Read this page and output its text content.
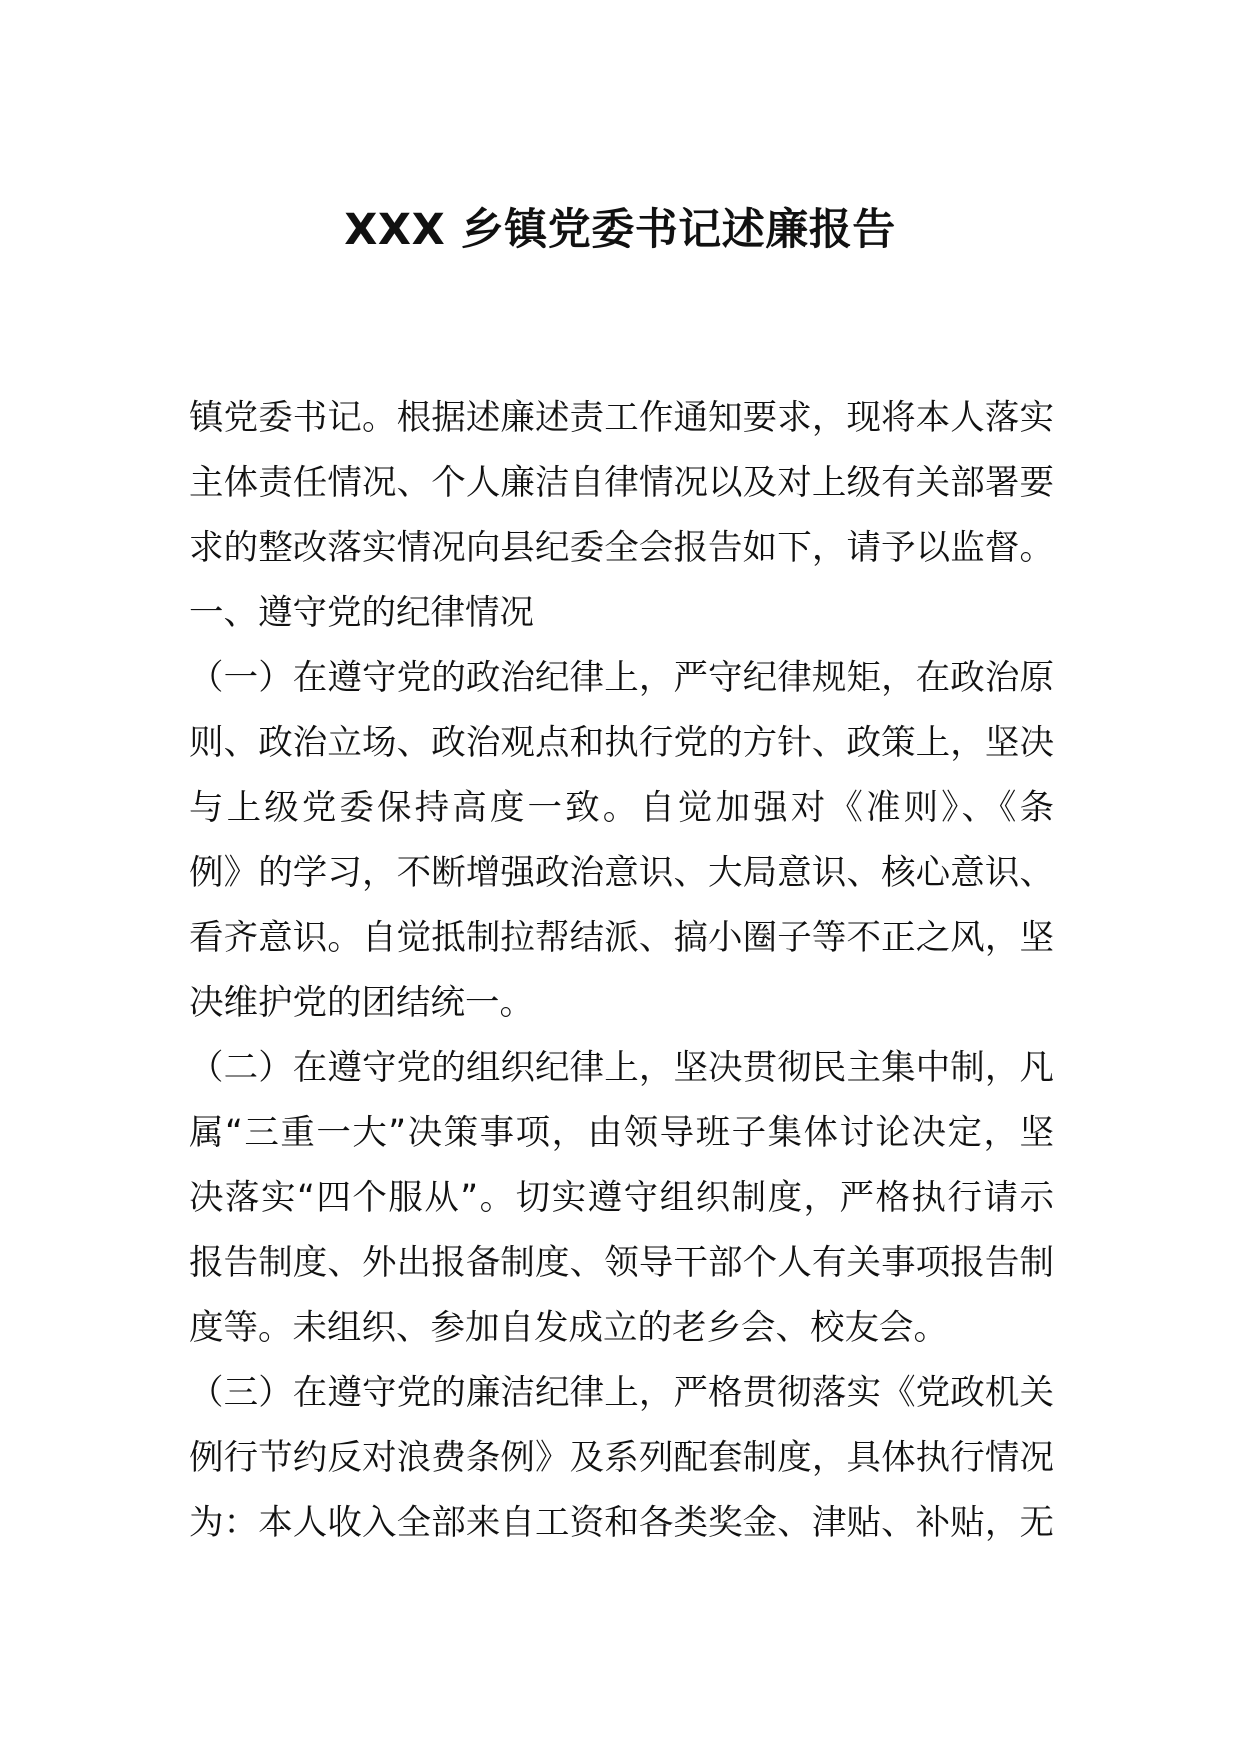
XXX 乡镇党委书记述廉报告
镇党委书记。根据述廉述责工作通知要求，现将本人落实
主体责任情况、个人廉洁自律情况以及对上级有关部署要
求的整改落实情况向县纪委全会报告如下，请予以监督。
一、遵守党的纪律情况
（一）在遵守党的政治纪律上，严守纪律规矩，在政治原
则、政治立场、政治观点和执行党的方针、政策上，坚决
与上级党委保持高度一致。自觉加强对《准则》、《条
例》的学习，不断增强政治意识、大局意识、核心意识、
看齐意识。自觉抵制拉帮结派、搞小圈子等不正之风，坚
决维护党的团结统一。
（二）在遵守党的组织纪律上，坚决贯彻民主集中制，凡
属“三重一大”决策事项，由领导班子集体讨论决定，坚
决落实“四个服从”。切实遵守组织制度，严格执行请示
报告制度、外出报备制度、领导干部个人有关事项报告制
度等。未组织、参加自发成立的老乡会、校友会。
（三）在遵守党的廉洁纪律上，严格贯彻落实《党政机关
例行节约反对浪费条例》及系列配套制度，具体执行情况
为：本人收入全部来自工资和各类奖金、津贴、补贴，无
